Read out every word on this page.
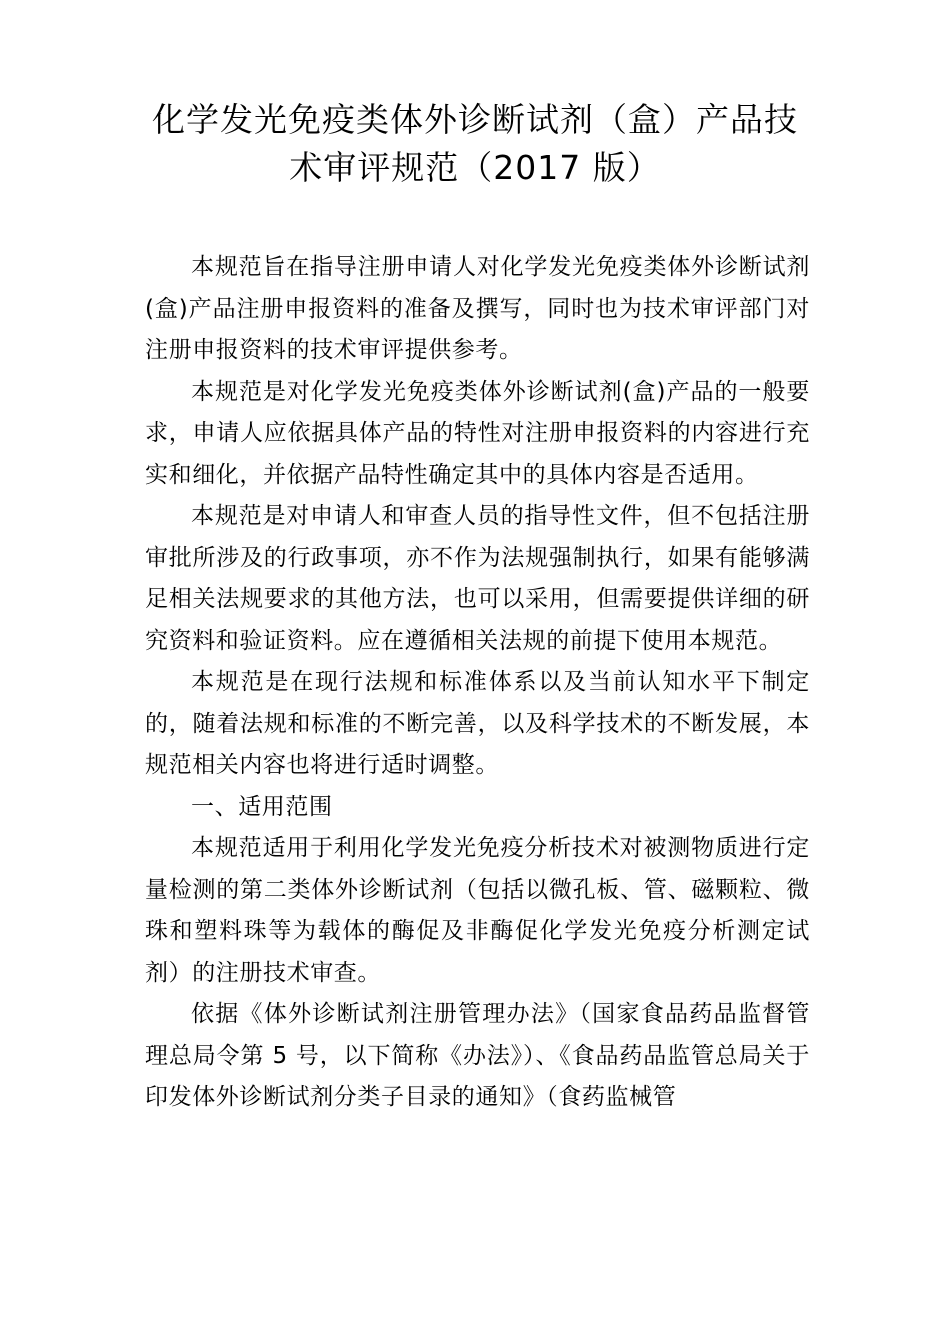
化学发光免疫类体外诊断试剂（盒）产品技
术审评规范（2017 版）

本规范旨在指导注册申请人对化学发光免疫类体外诊断试剂(盒)产品注册申报资料的准备及撰写，同时也为技术审评部门对注册申报资料的技术审评提供参考。

本规范是对化学发光免疫类体外诊断试剂(盒)产品的一般要求，申请人应依据具体产品的特性对注册申报资料的内容进行充实和细化，并依据产品特性确定其中的具体内容是否适用。

本规范是对申请人和审查人员的指导性文件，但不包括注册审批所涉及的行政事项，亦不作为法规强制执行，如果有能够满足相关法规要求的其他方法，也可以采用，但需要提供详细的研究资料和验证资料。应在遵循相关法规的前提下使用本规范。

本规范是在现行法规和标准体系以及当前认知水平下制定的，随着法规和标准的不断完善，以及科学技术的不断发展，本规范相关内容也将进行适时调整。

一、适用范围

本规范适用于利用化学发光免疫分析技术对被测物质进行定量检测的第二类体外诊断试剂（包括以微孔板、管、磁颗粒、微珠和塑料珠等为载体的酶促及非酶促化学发光免疫分析测定试剂）的注册技术审查。

依据《体外诊断试剂注册管理办法》（国家食品药品监督管理总局令第 5 号，以下简称《办法》）、《食品药品监管总局关于印发体外诊断试剂分类子目录的通知》（食药监械管
